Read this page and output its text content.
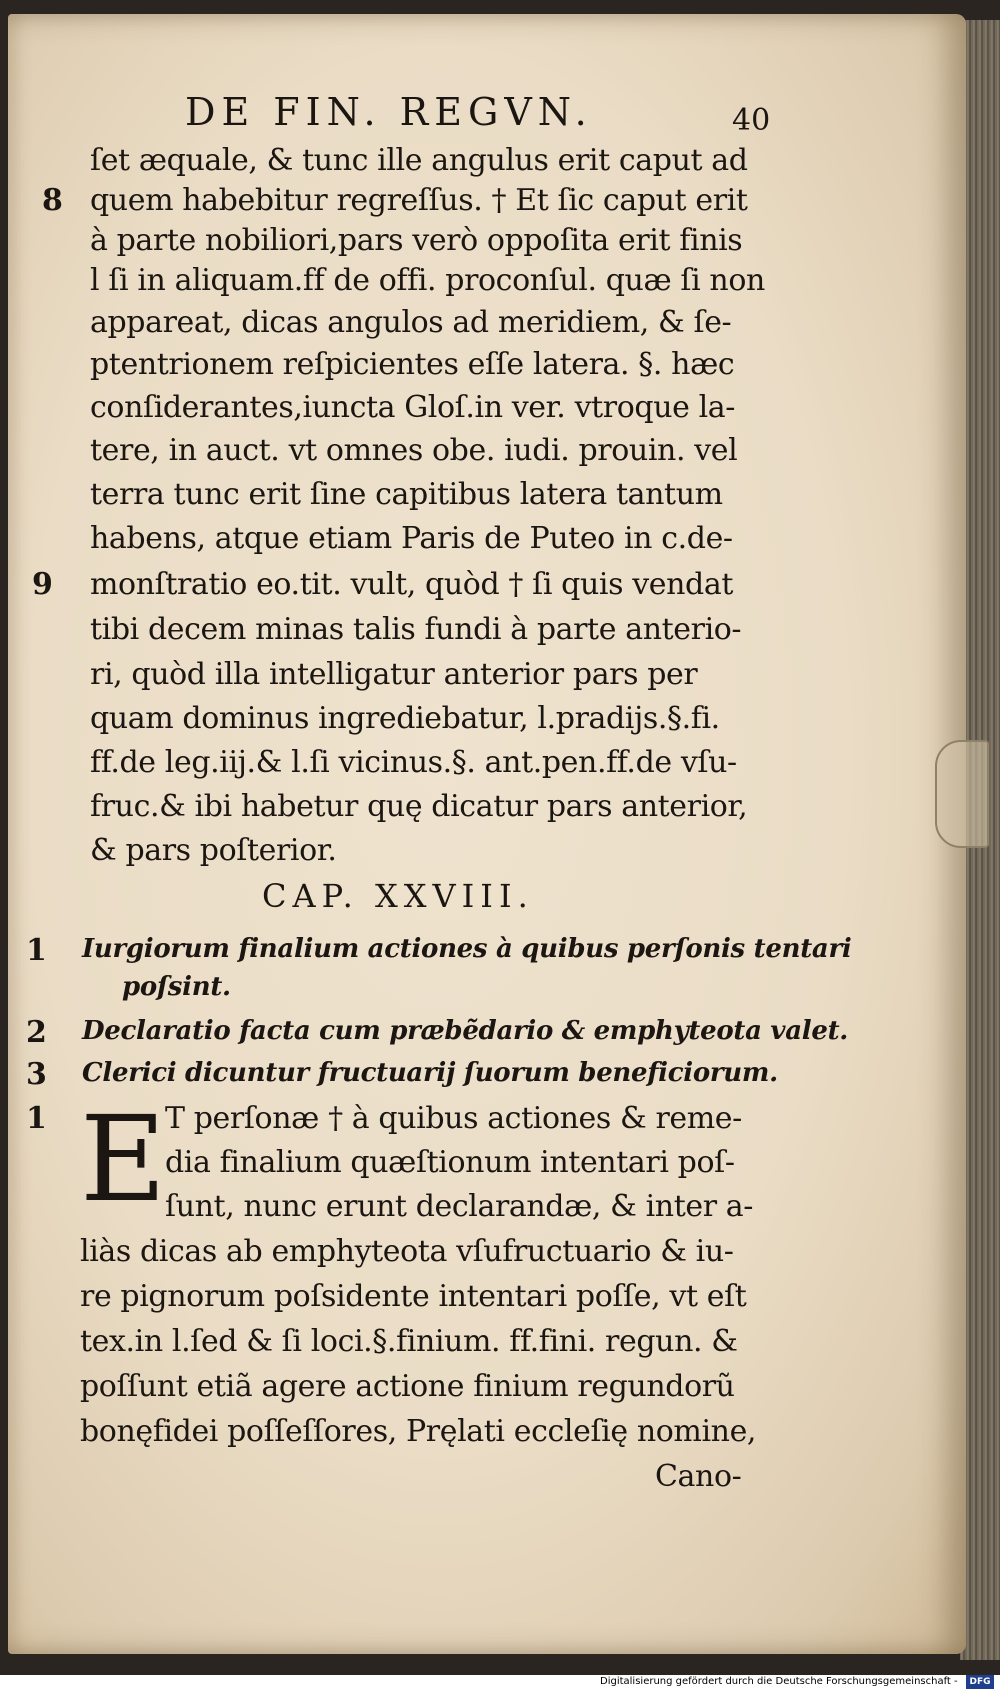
DE FIN. REGVN.	40
ſet æquale, & tunc ille angulus erit caput ad
quem habebitur regreſſus. † Et ſic caput erit
à parte nobiliori,pars verò oppoſita erit finis
l ſi in aliquam.ff de offi. proconſul. quæ ſi non
appareat, dicas angulos ad meridiem, & ſe-
ptentrionem reſpicientes eſſe latera. §. hæc
conſiderantes,iuncta Gloſ.in ver. vtroque la-
tere, in auct. vt omnes obe. iudi. prouin. vel
terra tunc erit ſine capitibus latera tantum
habens, atque etiam Paris de Puteo in c.de-
monſtratio eo.tit. vult, quòd † ſi quis vendat
tibi decem minas talis fundi à parte anterio-
ri, quòd illa intelligatur anterior pars per
quam dominus ingrediebatur, l.pradijs.§.fi.
ff.de leg.iij.& l.ſi vicinus.§. ant.pen.ff.de vſu-
fruc.& ibi habetur quę dicatur pars anterior,
& pars poſterior.
8
9
CAP. XXVIII.
1 Iurgiorum finalium actiones à quibus perſonis tentari
poſsint.
2 Declaratio facta cum præbẽdario & emphyteota valet.
3 Clerici dicuntur fructuarij ſuorum beneficiorum.
1 E
T perſonæ † à quibus actiones & reme-
dia finalium quæſtionum intentari poſ-
ſunt, nunc erunt declarandæ, & inter a-
liàs dicas ab emphyteota vſufructuario & iu-
re pignorum poſsidente intentari poſſe, vt eſt
tex.in l.ſed & ſi loci.§.finium. ff.fini. regun. &
poſſunt etiã agere actione finium regundorũ
bonęfidei poſſeſſores, Pręlati eccleſię nomine,
Cano-
Digitalisierung gefördert durch die Deutsche Forschungsgemeinschaft -	DFG
